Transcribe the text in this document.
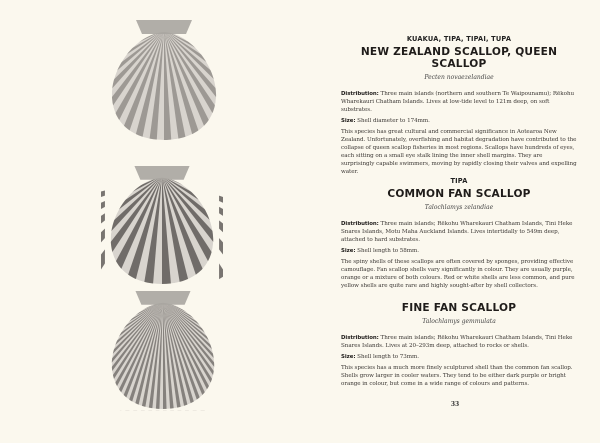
KUAKUA, TIPA, TIPAI, TUPA
NEW ZEALAND SCALLOP, QUEEN SCALLOP
Pecten novaezelandiae

Distribution: Three main islands (northern and southern Te Waipounamu); Rēkohu Wharekauri Chatham Islands. Lives at low-tide level to 121m deep, on soft substrates.

Size: Shell diameter to 174mm.

This species has great cultural and commercial significance in Aotearoa New Zealand. Unfortunately, overfishing and habitat degradation have contributed to the collapse of queen scallop fisheries in most regions. Scallops have hundreds of eyes, each sitting on a small eye stalk lining the inner shell margins. They are surprisingly capable swimmers, moving by rapidly closing their valves and expelling water.

TIPA
COMMON FAN SCALLOP
Talochlamys zelandiae

Distribution: Three main islands; Rēkohu Wharekauri Chatham Islands, Tini Heke Snares Islands, Motu Maha Auckland Islands. Lives intertidally to 549m deep, attached to hard substrates.

Size: Shell length to 58mm.

The spiny shells of these scallops are often covered by sponges, providing effective camouflage. Fan scallop shells vary significantly in colour. They are usually purple, orange or a mixture of both colours. Red or white shells are less common, and pure yellow shells are quite rare and highly sought-after by shell collectors.

FINE FAN SCALLOP
Talochlamys gemmulata

Distribution: Three main islands; Rēkohu Wharekauri Chatham Islands, Tini Heke Snares Islands. Lives at 20–293m deep, attached to rocks or shells.

Size: Shell length to 73mm.

This species has a much more finely sculptured shell than the common fan scallop. Shells grow larger in cooler waters. They tend to be either dark purple or bright orange in colour, but come in a wide range of colours and patterns.

33
